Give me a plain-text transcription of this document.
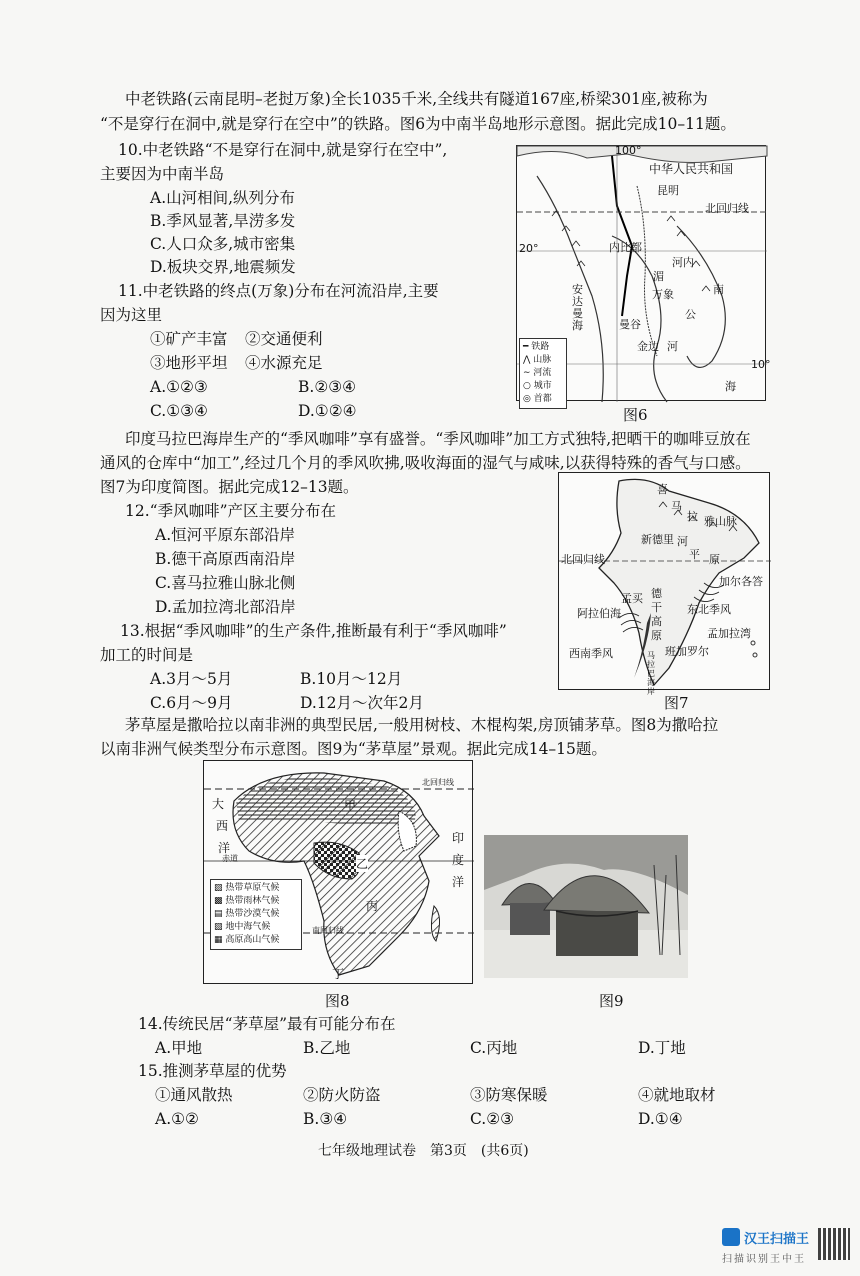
中老铁路(云南昆明–老挝万象)全长1035千米,全线共有隧道167座,桥梁301座,被称为
“不是穿行在洞中,就是穿行在空中”的铁路。图6为中南半岛地形示意图。据此完成10–11题。
10.中老铁路“不是穿行在洞中,就是穿行在空中”,
主要因为中南半岛
A.山河相间,纵列分布
B.季风显著,旱涝多发
C.人口众多,城市密集
D.板块交界,地震频发
11.中老铁路的终点(万象)分布在河流沿岸,主要
因为这里
①矿产丰富 ②交通便利
③地形平坦 ④水源充足
A.①②③	B.②③④
C.①③④	D.①②④
100°
中华人民共和国
昆明
北回归线
20°	内比都
河内
湄
万象	南
公
安达曼海	曼谷
金边 河
海
10°
━ 铁路
⋀ 山脉
∼ 河流
○ 城市
◎ 首都
图6
印度马拉巴海岸生产的“季风咖啡”享有盛誉。“季风咖啡”加工方式独特,把晒干的咖啡豆放在
通风的仓库中“加工”,经过几个月的季风吹拂,吸收海面的湿气与咸味,以获得特殊的香气与口感。
图7为印度简图。据此完成12–13题。
12.“季风咖啡”产区主要分布在
A.恒河平原东部沿岸
B.德干高原西南沿岸
C.喜马拉雅山脉北侧
D.孟加拉湾北部沿岸
13.根据“季风咖啡”的生产条件,推断最有利于“季风咖啡”
加工的时间是
A.3月～5月	B.10月～12月
C.6月～9月	D.12月～次年2月
喜
马
拉 雅山脉
新德里 河
平 原
北回归线
加尔各答
孟买
阿拉伯海
德
干
高
原
东北季风
孟加拉湾
西南季风	班加罗尔
马拉巴海岸
图7
茅草屋是撒哈拉以南非洲的典型民居,一般用树枝、木棍构架,房顶铺茅草。图8为撒哈拉
以南非洲气候类型分布示意图。图9为“茅草屋”景观。据此完成14–15题。
大
西
洋
北回归线
赤道
南回归线
甲
乙
丙
丁
印
度
洋
▨ 热带草原气候
▩ 热带雨林气候
▤ 热带沙漠气候
▧ 地中海气候
▦ 高原高山气候
图8	图9
14.传统民居“茅草屋”最有可能分布在
A.甲地	B.乙地	C.丙地	D.丁地
15.推测茅草屋的优势
①通风散热	②防火防盗	③防寒保暖	④就地取材
A.①②	B.③④	C.②③	D.①④
七年级地理试卷　第3页　(共6页)
汉王扫描王
扫描识别王中王
